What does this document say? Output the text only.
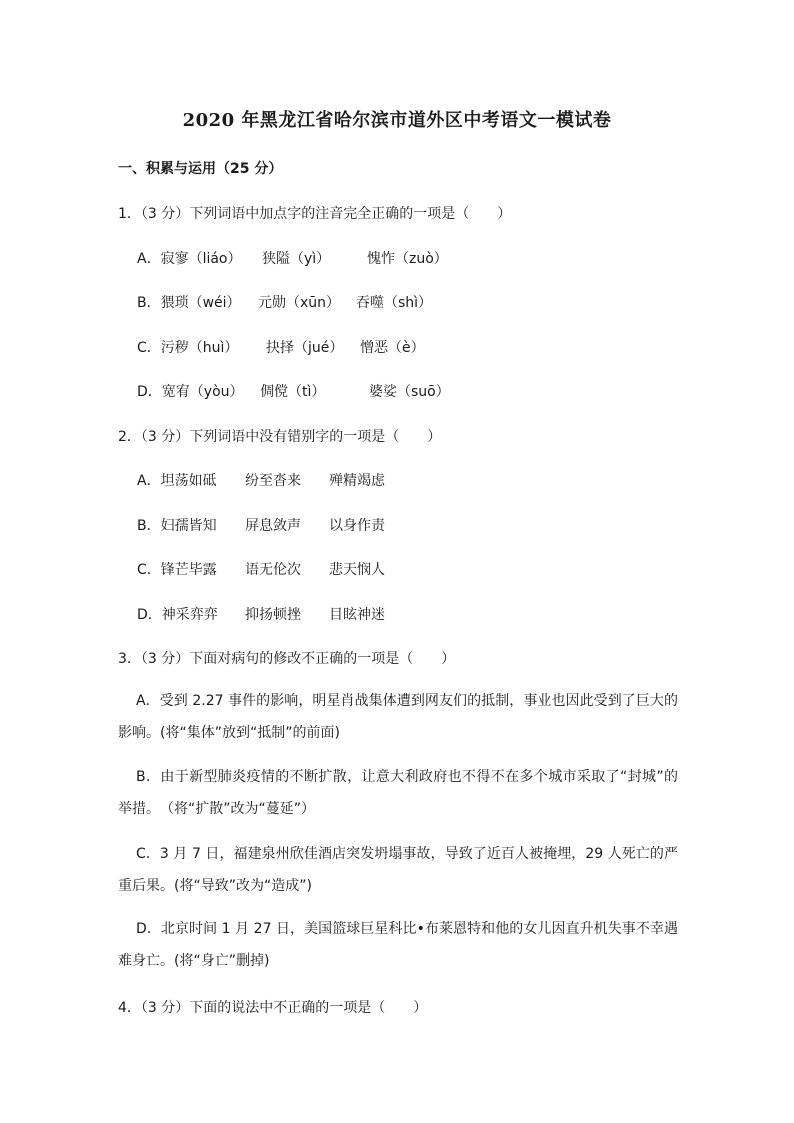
2020 年黑龙江省哈尔滨市道外区中考语文一模试卷
一、积累与运用（25 分）
1．（3 分）下列词语中加点字的注音完全正确的一项是（　　）
A．寂寥（liáo） 狭隘（yì）	愧怍（zuò）
B．猥琐（wéi） 元勋（xūn） 吞噬（shì）
C．污秽（huì） 抉择（jué） 憎恶（è）
D．宽宥（yòu） 倜傥（tì）	婆娑（suō）
2．（3 分）下列词语中没有错别字的一项是（　　）
A．坦荡如砥 纷至沓来 殚精竭虑
B．妇孺皆知 屏息敛声 以身作责
C．锋芒毕露 语无伦次 悲天悯人
D．神采弈弈 抑扬顿挫 目眩神迷
3．（3 分）下面对病句的修改不正确的一项是（　　）
A．受到 2.27 事件的影响，明星肖战集体遭到网友们的抵制，事业也因此受到了巨大的影响。(将“集体”放到“抵制”的前面)
B．由于新型肺炎疫情的不断扩散，让意大利政府也不得不在多个城市采取了“封城”的举措。　（将“扩散”改为“蔓延”）
C．3 月 7 日，福建泉州欣佳酒店突发坍塌事故，导致了近百人被掩埋，29 人死亡的严重后果。(将“导致”改为“造成”)
D．北京时间 1 月 27 日，美国篮球巨星科比•布莱恩特和他的女儿因直升机失事不幸遇难身亡。(将“身亡”删掉)
4．（3 分）下面的说法中不正确的一项是（　　）
